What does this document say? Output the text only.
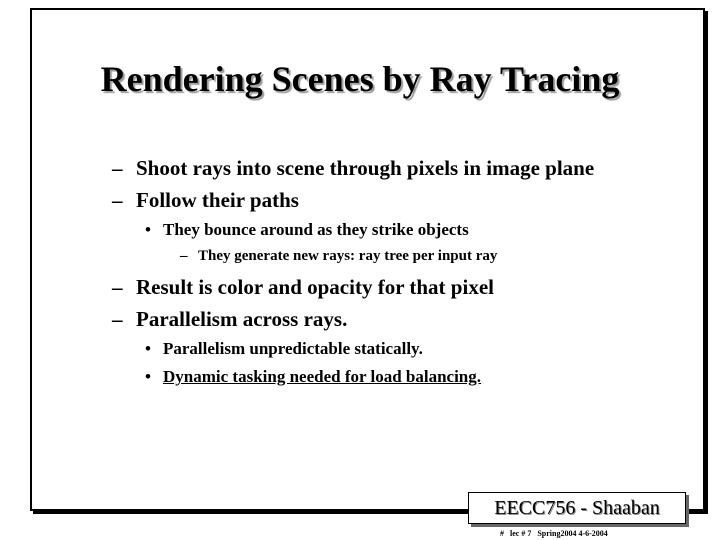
Rendering Scenes by Ray Tracing
– Shoot rays into scene through pixels in image plane
– Follow their paths
• They bounce around as they strike objects
– They generate new rays: ray tree per input ray
– Result is color and opacity for that pixel
– Parallelism across rays.
• Parallelism unpredictable statically.
• Dynamic tasking needed for load balancing.
EECC756 - Shaaban
# lec # 7 Spring2004 4-6-2004
